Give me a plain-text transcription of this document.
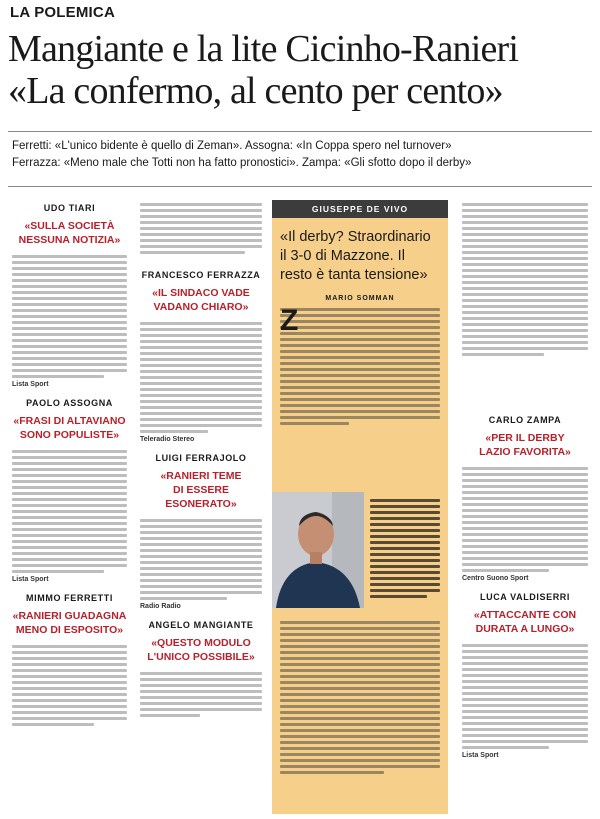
LA POLEMICA
Mangiante e la lite Cicinho-Ranieri
«La confermo, al cento per cento»
Ferretti: «L'unico bidente è quello di Zeman». Assogna: «In Coppa spero nel turnover»
Ferrazza: «Meno male che Totti non ha fatto pronostici». Zampa: «Gli sfotto dopo il derby»
UDO TIARI
«SULLA SOCIETÀ
NESSUNA NOTIZIA»
Lista Sport
PAOLO ASSOGNA
«FRASI DI ALTAVIANO
SONO POPULISTE»
Lista Sport
MIMMO FERRETTI
«RANIERI GUADAGNA
MENO DI ESPOSITO»
FRANCESCO FERRAZZA
«IL SINDACO VADE
VADANO CHIARO»
Teleradio Stereo
LUIGI FERRAJOLO
«RANIERI TEME
DI ESSERE ESONERATO»
Radio Radio
ANGELO MANGIANTE
«QUESTO MODULO
L'UNICO POSSIBILE»
GIUSEPPE DE VIVO
«Il derby? Straordinario il 3-0 di Mazzone. Il resto è tanta tensione»
MARIO SOMMAN
Z
CARLO ZAMPA
«PER IL DERBY
LAZIO FAVORITA»
Centro Suono Sport
LUCA VALDISERRI
«ATTACCANTE CON
DURATA A LUNGO»
Lista Sport
